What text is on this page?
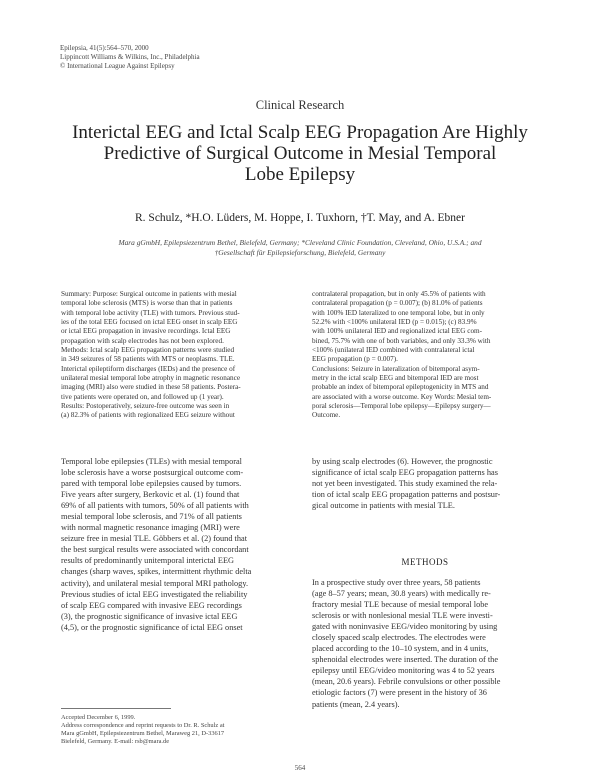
Epilepsia, 41(5):564–570, 2000
Lippincott Williams & Wilkins, Inc., Philadelphia
© International League Against Epilepsy
Clinical Research
Interictal EEG and Ictal Scalp EEG Propagation Are Highly
Predictive of Surgical Outcome in Mesial Temporal
Lobe Epilepsy
R. Schulz, *H.O. Lüders, M. Hoppe, I. Tuxhorn, †T. May, and A. Ebner
Mara gGmbH, Epilepsiezentrum Bethel, Bielefeld, Germany; *Cleveland Clinic Foundation, Cleveland, Ohio, U.S.A.; and
†Gesellschaft für Epilepsieforschung, Bielefeld, Germany
Summary: Purpose: Surgical outcome in patients with mesial
temporal lobe sclerosis (MTS) is worse than that in patients
with temporal lobe activity (TLE) with tumors. Previous stud-
ies of the total EEG focused on ictal EEG onset in scalp EEG
or ictal EEG propagation in invasive recordings. Ictal EEG
propagation with scalp electrodes has not been explored.
Methods: Ictal scalp EEG propagation patterns were studied
in 349 seizures of 58 patients with MTS or neoplasms. TLE.
Interictal epileptiform discharges (IEDs) and the presence of
unilateral mesial temporal lobe atrophy in magnetic resonance
imaging (MRI) also were studied in these 58 patients. Postera-
tive patients were operated on, and followed up (1 year).
Results: Postoperatively, seizure-free outcome was seen in
(a) 82.3% of patients with regionalized EEG seizure without
contralateral propagation, but in only 45.5% of patients with
contralateral propagation (p = 0.007); (b) 81.0% of patients
with 100% IED lateralized to one temporal lobe, but in only
52.2% with <100% unilateral IED (p = 0.015); (c) 83.9%
with 100% unilateral IED and regionalized ictal EEG com-
bined, 75.7% with one of both variables, and only 33.3% with
<100% (unilateral IED combined with contralateral ictal
EEG propagation (p = 0.007).
Conclusions: Seizure in lateralization of bitemporal asym-
metry in the ictal scalp EEG and bitemporal IED are most
probable an index of bitemporal epileptogenicity in MTS and
are associated with a worse outcome. Key Words: Mesial tem-
poral sclerosis—Temporal lobe epilepsy—Epilepsy surgery—
Outcome.
Temporal lobe epilepsies (TLEs) with mesial temporal
lobe sclerosis have a worse postsurgical outcome com-
pared with temporal lobe epilepsies caused by tumors.
Five years after surgery, Berkovic et al. (1) found that
69% of all patients with tumors, 50% of all patients with
mesial temporal lobe sclerosis, and 71% of all patients
with normal magnetic resonance imaging (MRI) were
seizure free in mesial TLE. Göbbers et al. (2) found that
the best surgical results were associated with concordant
results of predominantly unitemporal interictal EEG
changes (sharp waves, spikes, intermittent rhythmic delta
activity), and unilateral mesial temporal MRI pathology.
Previous studies of ictal EEG investigated the reliability
of scalp EEG compared with invasive EEG recordings
(3), the prognostic significance of invasive ictal EEG
(4,5), or the prognostic significance of ictal EEG onset
by using scalp electrodes (6). However, the prognostic
significance of ictal scalp EEG propagation patterns has
not yet been investigated. This study examined the rela-
tion of ictal scalp EEG propagation patterns and postsur-
gical outcome in patients with mesial TLE.
METHODS
In a prospective study over three years, 58 patients
(age 8–57 years; mean, 30.8 years) with medically re-
fractory mesial TLE because of mesial temporal lobe
sclerosis or with nonlesional mesial TLE were investi-
gated with noninvasive EEG/video monitoring by using
closely spaced scalp electrodes. The electrodes were
placed according to the 10–10 system, and in 4 units,
sphenoidal electrodes were inserted. The duration of the
epilepsy until EEG/video monitoring was 4 to 52 years
(mean, 20.6 years). Febrile convulsions or other possible
etiologic factors (7) were present in the history of 36
patients (mean, 2.4 years).
Accepted December 6, 1999.
Address correspondence and reprint requests to Dr. R. Schulz at
Mara gGmbH, Epilepsiezentrum Bethel, Maraweg 21, D-33617
Bielefeld, Germany. E-mail: rsb@mara.de
564
